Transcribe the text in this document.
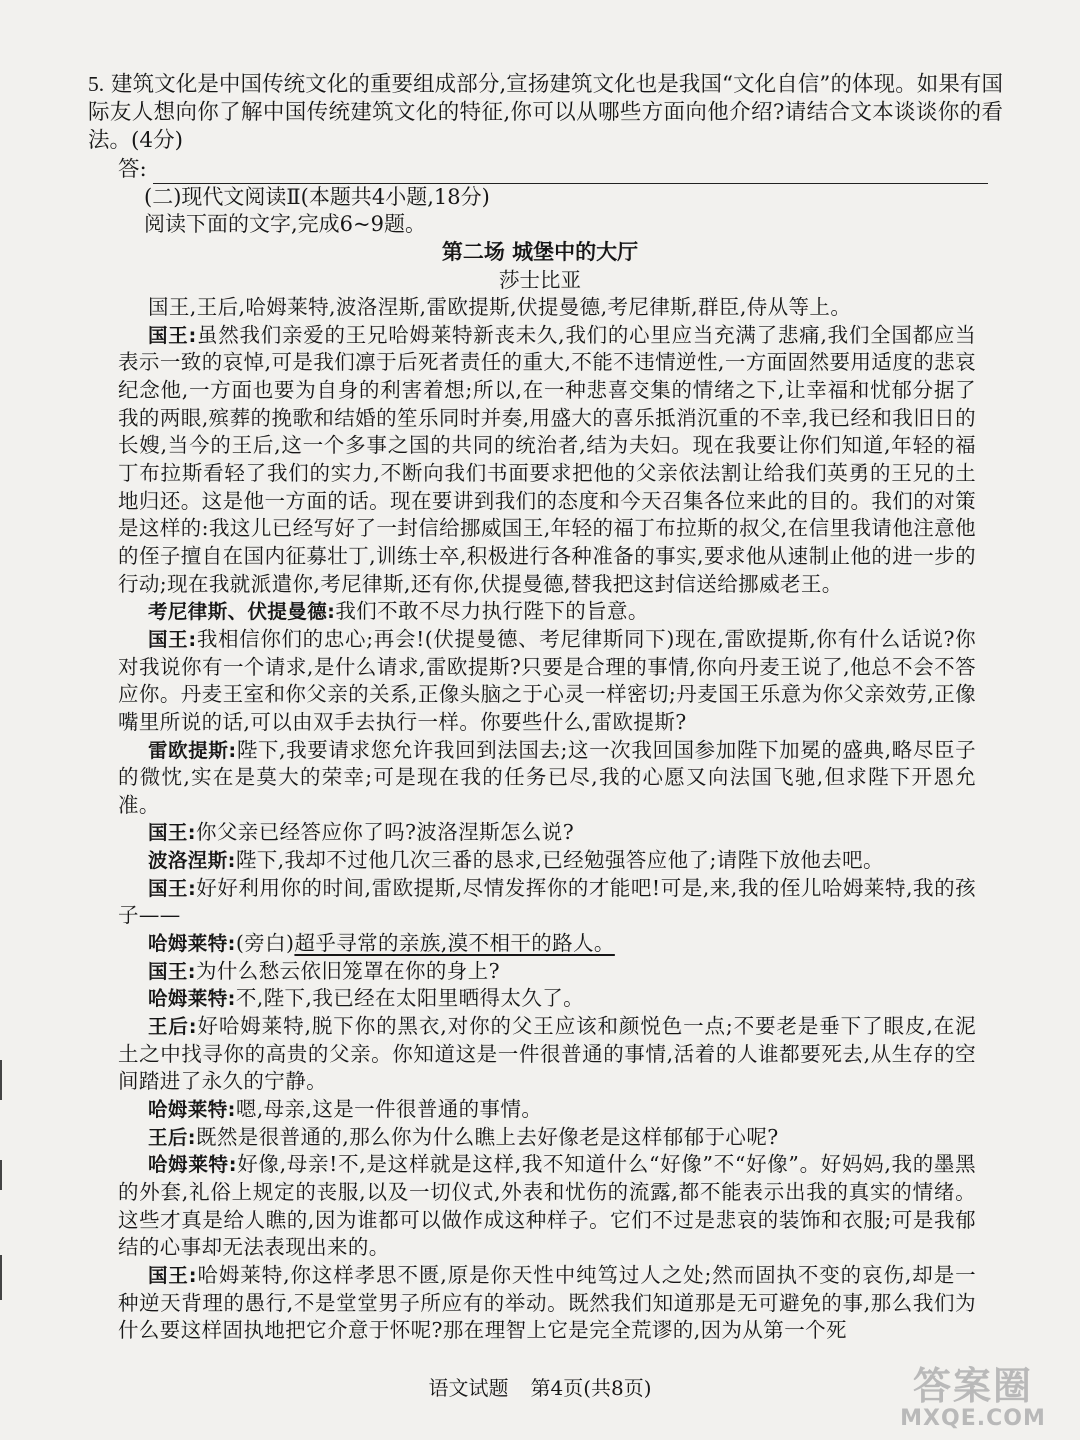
5. 建筑文化是中国传统文化的重要组成部分,宣扬建筑文化也是我国“文化自信”的体现。如果有国际友人想向你了解中国传统建筑文化的特征,你可以从哪些方面向他介绍?请结合文本谈谈你的看法。(4分)
答:
(二)现代文阅读Ⅱ(本题共4小题,18分)
阅读下面的文字,完成6~9题。
第二场 城堡中的大厅
莎士比亚

国王,王后,哈姆莱特,波洛涅斯,雷欧提斯,伏提曼德,考尼律斯,群臣,侍从等上。

国王:虽然我们亲爱的王兄哈姆莱特新丧未久,我们的心里应当充满了悲痛,我们全国都应当表示一致的哀悼,可是我们凛于后死者责任的重大,不能不违情逆性,一方面固然要用适度的悲哀纪念他,一方面也要为自身的利害着想;所以,在一种悲喜交集的情绪之下,让幸福和忧郁分据了我的两眼,殡葬的挽歌和结婚的笙乐同时并奏,用盛大的喜乐抵消沉重的不幸,我已经和我旧日的长嫂,当今的王后,这一个多事之国的共同的统治者,结为夫妇。现在我要让你们知道,年轻的福丁布拉斯看轻了我们的实力,不断向我们书面要求把他的父亲依法割让给我们英勇的王兄的土地归还。这是他一方面的话。现在要讲到我们的态度和今天召集各位来此的目的。我们的对策是这样的:我这儿已经写好了一封信给挪威国王,年轻的福丁布拉斯的叔父,在信里我请他注意他的侄子擅自在国内征募壮丁,训练士卒,积极进行各种准备的事实,要求他从速制止他的进一步的行动;现在我就派遣你,考尼律斯,还有你,伏提曼德,替我把这封信送给挪威老王。

考尼律斯、伏提曼德:我们不敢不尽力执行陛下的旨意。

国王:我相信你们的忠心;再会!(伏提曼德、考尼律斯同下)现在,雷欧提斯,你有什么话说?你对我说你有一个请求,是什么请求,雷欧提斯?只要是合理的事情,你向丹麦王说了,他总不会不答应你。丹麦王室和你父亲的关系,正像头脑之于心灵一样密切;丹麦国王乐意为你父亲效劳,正像嘴里所说的话,可以由双手去执行一样。你要些什么,雷欧提斯?

雷欧提斯:陛下,我要请求您允许我回到法国去;这一次我回国参加陛下加冕的盛典,略尽臣子的微忱,实在是莫大的荣幸;可是现在我的任务已尽,我的心愿又向法国飞驰,但求陛下开恩允准。

国王:你父亲已经答应你了吗?波洛涅斯怎么说?

波洛涅斯:陛下,我却不过他几次三番的恳求,已经勉强答应他了;请陛下放他去吧。

国王:好好利用你的时间,雷欧提斯,尽情发挥你的才能吧!可是,来,我的侄儿哈姆莱特,我的孩子——

哈姆莱特:(旁白)超乎寻常的亲族,漠不相干的路人。

国王:为什么愁云依旧笼罩在你的身上?

哈姆莱特:不,陛下,我已经在太阳里晒得太久了。

王后:好哈姆莱特,脱下你的黑衣,对你的父王应该和颜悦色一点;不要老是垂下了眼皮,在泥土之中找寻你的高贵的父亲。你知道这是一件很普通的事情,活着的人谁都要死去,从生存的空间踏进了永久的宁静。

哈姆莱特:嗯,母亲,这是一件很普通的事情。

王后:既然是很普通的,那么你为什么瞧上去好像老是这样郁郁于心呢?

哈姆莱特:好像,母亲!不,是这样就是这样,我不知道什么“好像”不“好像”。好妈妈,我的墨黑的外套,礼俗上规定的丧服,以及一切仪式,外表和忧伤的流露,都不能表示出我的真实的情绪。这些才真是给人瞧的,因为谁都可以做作成这种样子。它们不过是悲哀的装饰和衣服;可是我郁结的心事却无法表现出来的。

国王:哈姆莱特,你这样孝思不匮,原是你天性中纯笃过人之处;然而固执不变的哀伤,却是一种逆天背理的愚行,不是堂堂男子所应有的举动。既然我们知道那是无可避免的事,那么我们为什么要这样固执地把它介意于怀呢?那在理智上它是完全荒谬的,因为从第一个死

语文试题 第4页(共8页)	答案圈
MXQE.COM
